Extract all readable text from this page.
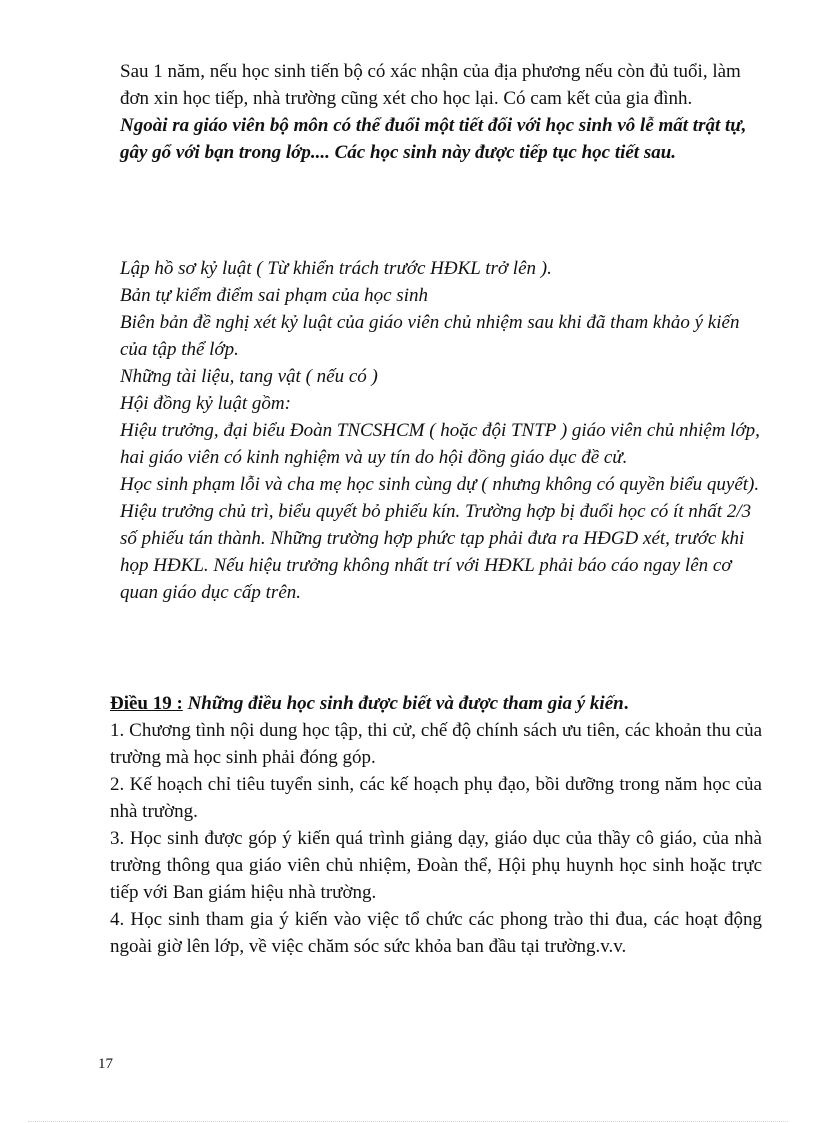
Sau 1 năm, nếu học sinh tiến bộ có xác nhận của địa phương nếu còn đủ tuổi, làm đơn xin học tiếp, nhà trường cũng xét cho học lại. Có cam kết của gia đình.

Ngoài ra giáo viên bộ môn có thể đuổi một tiết đối với học sinh vô lễ mất trật tự, gây gổ với bạn trong lớp.... Các học sinh này được tiếp tục học tiết sau.

Lập hồ sơ kỷ luật ( Từ khiển trách trước HĐKL trở lên ).

Bản tự kiểm điểm sai phạm của học sinh

Biên bản đề nghị xét kỷ luật của giáo viên chủ nhiệm sau khi đã tham khảo ý kiến của tập thể lớp.

Những tài liệu, tang vật ( nếu có )

Hội đồng kỷ luật gồm:

Hiệu trưởng, đại biểu Đoàn TNCSHCM ( hoặc đội TNTP ) giáo viên chủ nhiệm lớp, hai giáo viên có kinh nghiệm và uy tín do hội đồng giáo dục đề cử.

Học sinh phạm lỗi và cha mẹ học sinh cùng dự ( nhưng không có quyền biểu quyết).

Hiệu trưởng chủ trì, biểu quyết bỏ phiếu kín. Trường hợp bị đuổi học có ít nhất 2/3 số phiếu tán thành. Những trường hợp phức tạp phải đưa ra HĐGD xét, trước khi họp HĐKL. Nếu hiệu trưởng không nhất trí với HĐKL phải báo cáo ngay lên cơ quan giáo dục cấp trên.

Điều 19 : Những điều học sinh được biết và được tham gia ý kiến.

1. Chương tình nội dung học tập, thi cử, chế độ chính sách ưu tiên, các khoản thu của trường mà học sinh phải đóng góp.

2. Kế hoạch chỉ tiêu tuyển sinh, các kế hoạch phụ đạo, bồi dưỡng trong năm học của nhà trường.

3. Học sinh được góp ý kiến quá trình giảng dạy, giáo dục của thầy cô giáo, của nhà trường thông qua giáo viên chủ nhiệm, Đoàn thể, Hội phụ huynh học sinh hoặc trực tiếp với Ban giám hiệu nhà trường.

4. Học sinh tham gia ý kiến vào việc tổ chức các phong trào thi đua, các hoạt động ngoài giờ lên lớp, về việc chăm sóc sức khỏa ban đầu tại trường.v.v.

17
